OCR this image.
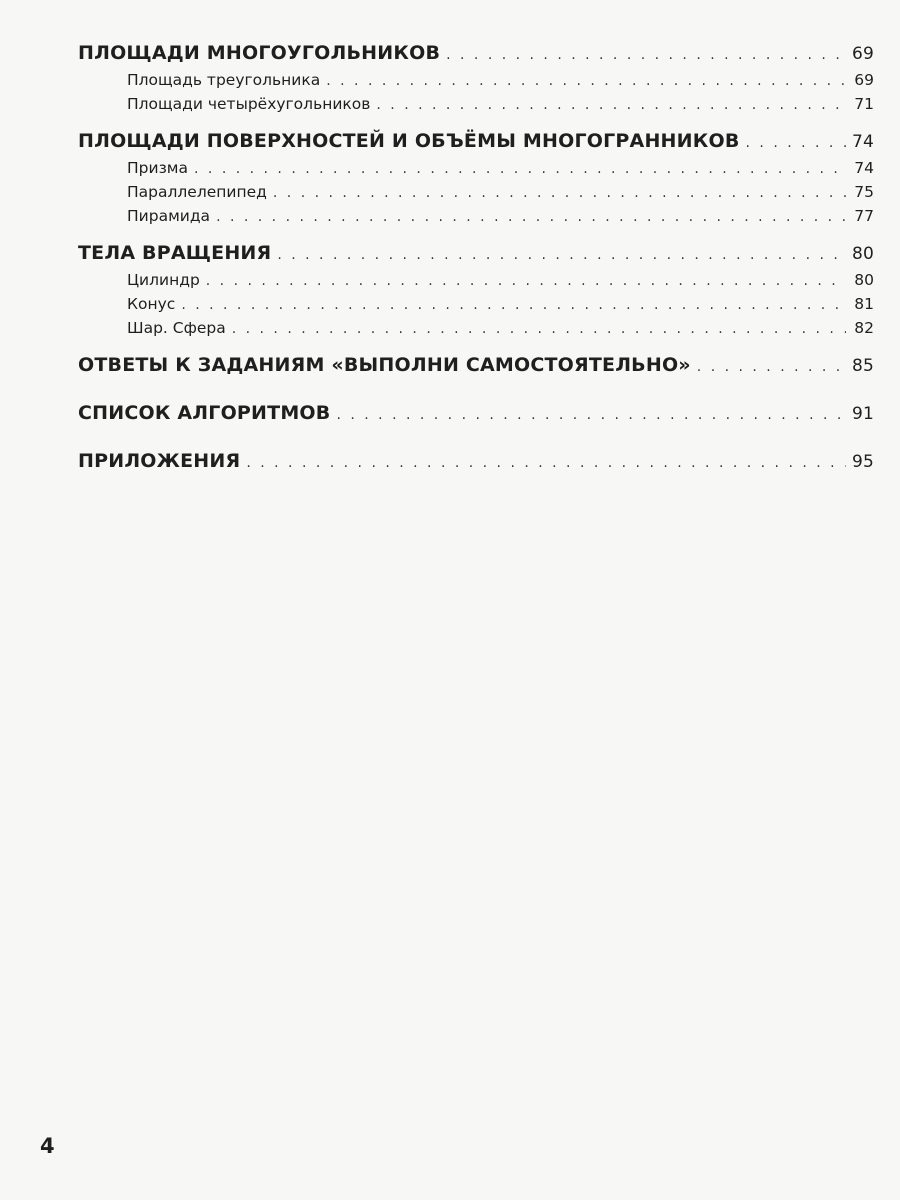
ПЛОЩАДИ МНОГОУГОЛЬНИКОВ . . .	69
Площадь треугольника . . .	69
Площади четырёхугольников . . .	71
ПЛОЩАДИ ПОВЕРХНОСТЕЙ И ОБЪЁМЫ МНОГОГРАННИКОВ . . .	74
Призма . . .	74
Параллелепипед . . .	75
Пирамида . . .	77
ТЕЛА ВРАЩЕНИЯ . . .	80
Цилиндр . . .	80
Конус . . .	81
Шар. Сфера . . .	82
ОТВЕТЫ К ЗАДАНИЯМ «ВЫПОЛНИ САМОСТОЯТЕЛЬНО» . . .	85
СПИСОК АЛГОРИТМОВ . . .	91
ПРИЛОЖЕНИЯ . . .	95
4
